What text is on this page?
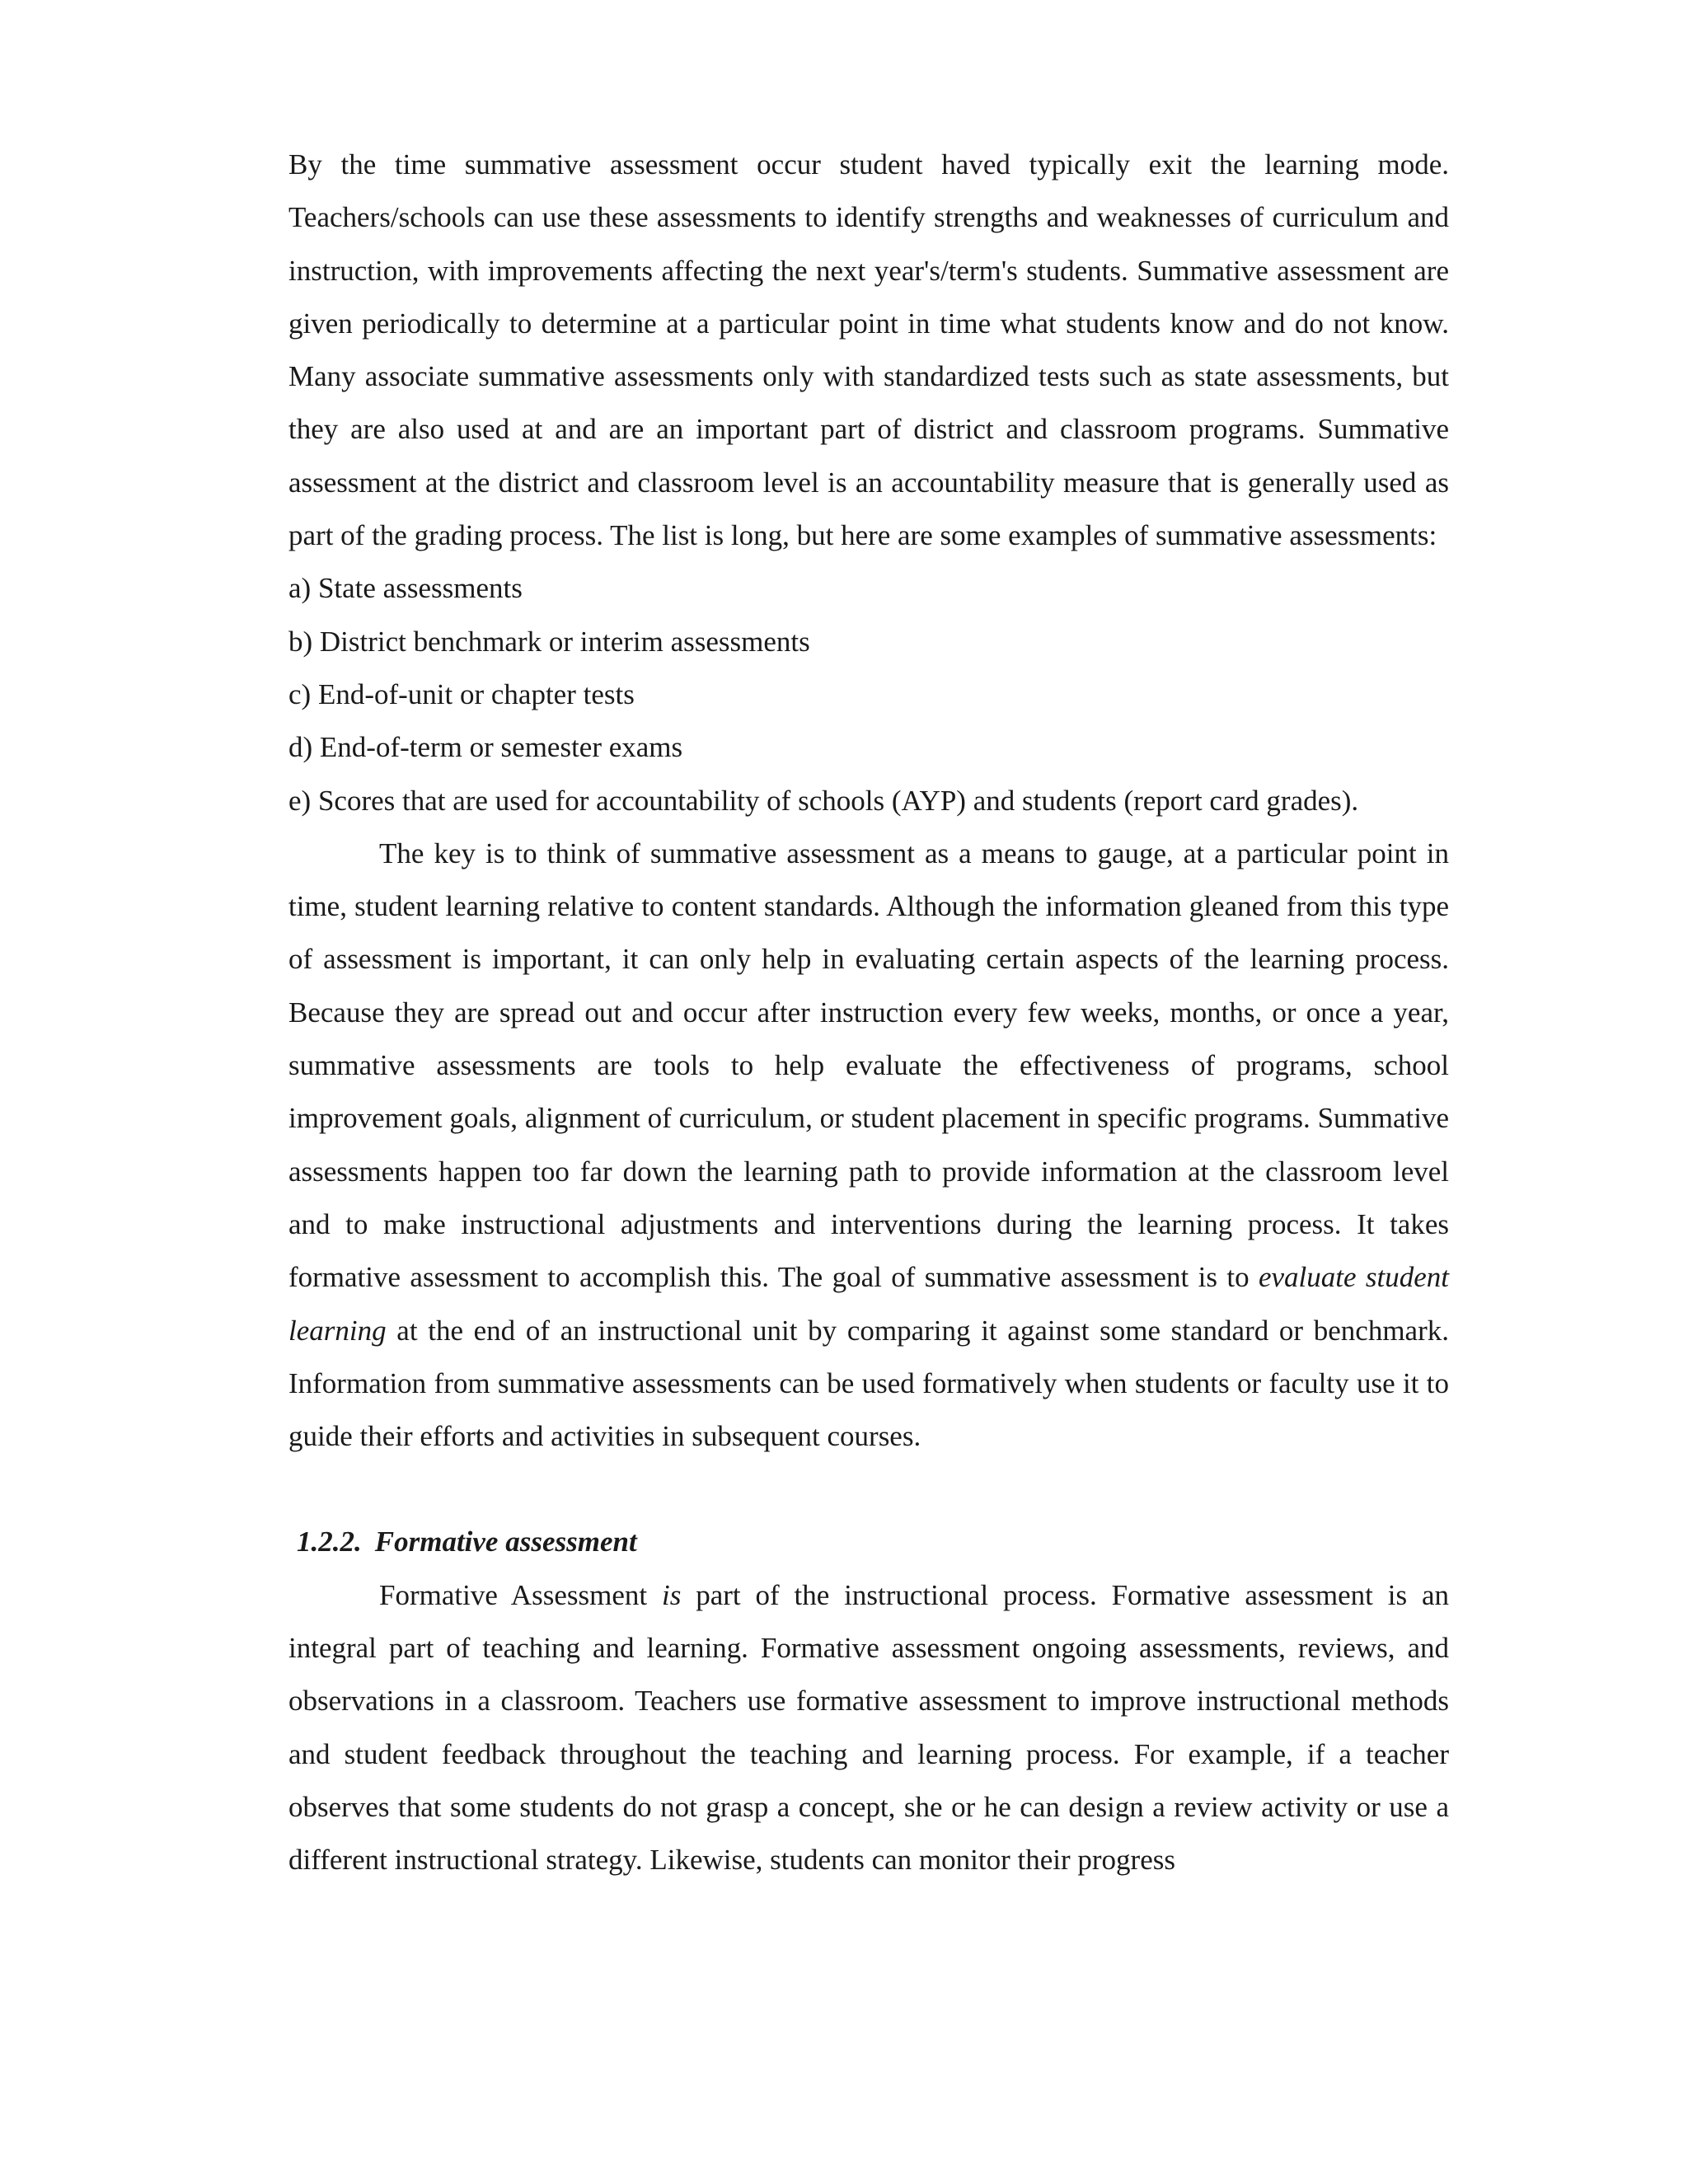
By the time summative assessment occur student haved typically exit the learning mode. Teachers/schools can use these assessments to identify strengths and weaknesses of curriculum and instruction, with improvements affecting the next year's/term's students. Summative assessment are given periodically to determine at a particular point in time what students know and do not know. Many associate summative assessments only with standardized tests such as state assessments, but they are also used at and are an important part of district and classroom programs. Summative assessment at the district and classroom level is an accountability measure that is generally used as part of the grading process. The list is long, but here are some examples of summative assessments:

a) State assessments

b) District benchmark or interim assessments

c) End-of-unit or chapter tests

d) End-of-term or semester exams

e) Scores that are used for accountability of schools (AYP) and students (report card grades).

The key is to think of summative assessment as a means to gauge, at a particular point in time, student learning relative to content standards. Although the information gleaned from this type of assessment is important, it can only help in evaluating certain aspects of the learning process. Because they are spread out and occur after instruction every few weeks, months, or once a year, summative assessments are tools to help evaluate the effectiveness of programs, school improvement goals, alignment of curriculum, or student placement in specific programs. Summative assessments happen too far down the learning path to provide information at the classroom level and to make instructional adjustments and interventions during the learning process. It takes formative assessment to accomplish this. The goal of summative assessment is to evaluate student learning at the end of an instructional unit by comparing it against some standard or benchmark. Information from summative assessments can be used formatively when students or faculty use it to guide their efforts and activities in subsequent courses.

1.2.2. Formative assessment

Formative Assessment is part of the instructional process. Formative assessment is an integral part of teaching and learning. Formative assessment ongoing assessments, reviews, and observations in a classroom. Teachers use formative assessment to improve instructional methods and student feedback throughout the teaching and learning process. For example, if a teacher observes that some students do not grasp a concept, she or he can design a review activity or use a different instructional strategy. Likewise, students can monitor their progress
